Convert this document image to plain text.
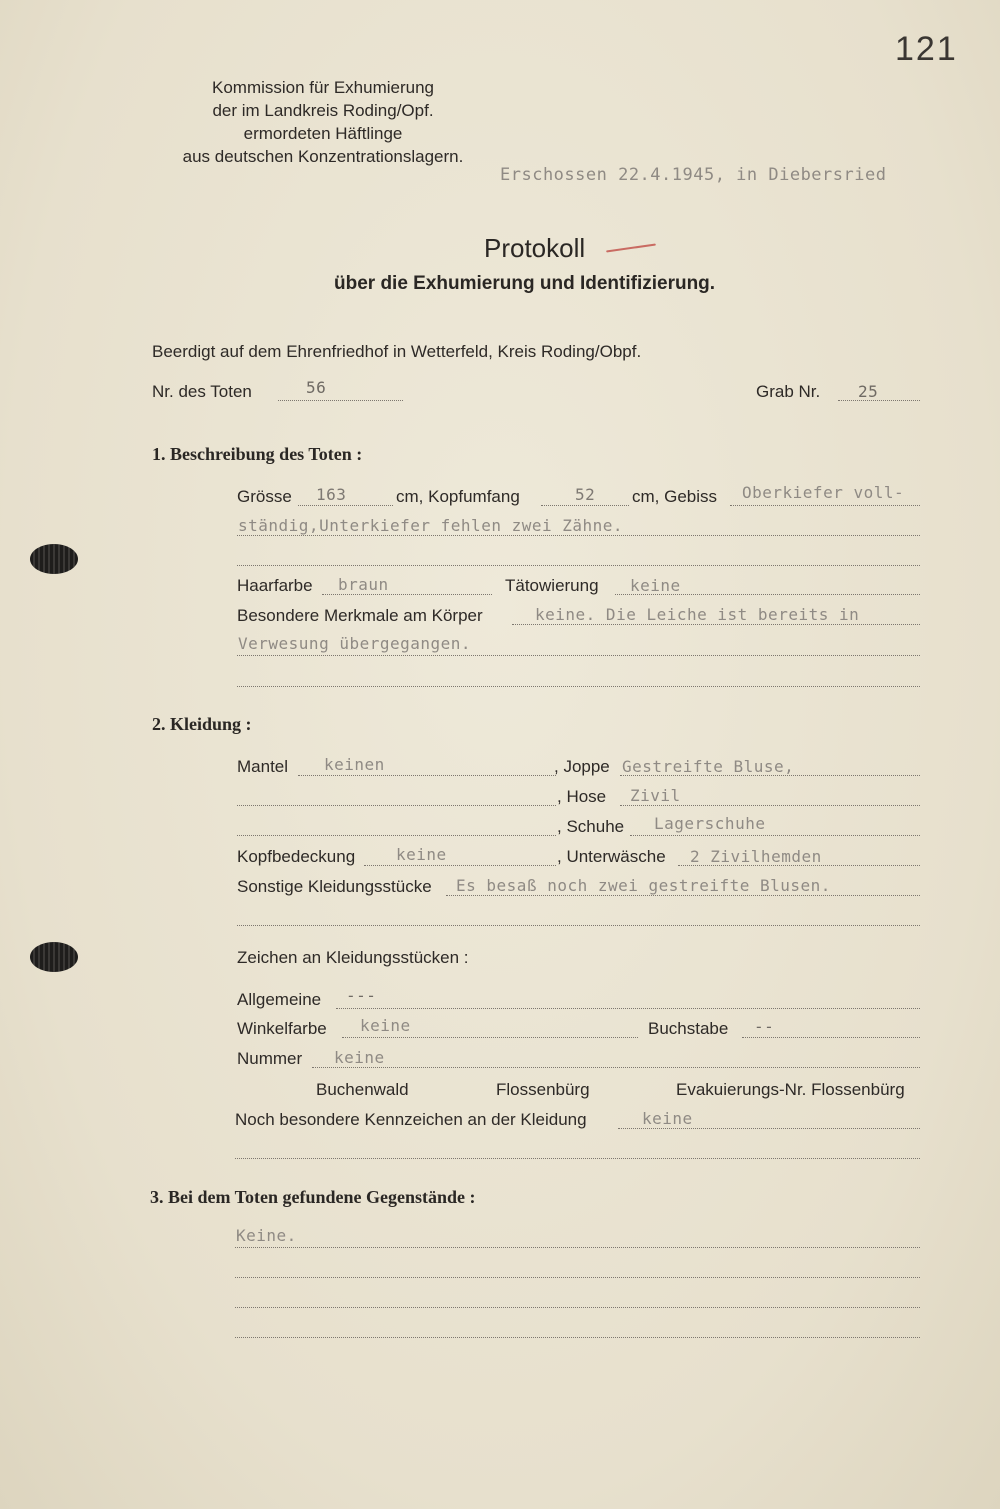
121
Kommission für Exhumierung
der im Landkreis Roding/Opf.
ermordeten Häftlinge
aus deutschen Konzentrationslagern.
Erschossen 22.4.1945, in Diebersried
Protokoll
über die Exhumierung und Identifizierung.
Beerdigt auf dem Ehrenfriedhof in Wetterfeld, Kreis Roding/Obpf.
Nr. des Toten	56	Grab Nr. 25
1. Beschreibung des Toten :
Grösse 163	cm, Kopfumfang	52 cm, Gebiss Oberkiefer voll-
ständig,Unterkiefer fehlen zwei Zähne.
Haarfarbe braun	Tätowierung keine
Besondere Merkmale am Körper	keine. Die Leiche ist bereits in
Verwesung übergegangen.
2. Kleidung :
Mantel keinen	, Joppe Gestreifte Bluse,
, Hose Zivil
, Schuhe Lagerschuhe
Kopfbedeckung	keine	, Unterwäsche 2 Zivilhemden
Sonstige Kleidungsstücke Es besaß noch zwei gestreifte Blusen.
Zeichen an Kleidungsstücken :
Allgemeine ---
Winkelfarbe keine	Buchstabe --
Nummer keine
Buchenwald	Flossenbürg	Evakuierungs-Nr. Flossenbürg
Noch besondere Kennzeichen an der Kleidung	keine
3. Bei dem Toten gefundene Gegenstände :
Keine.
